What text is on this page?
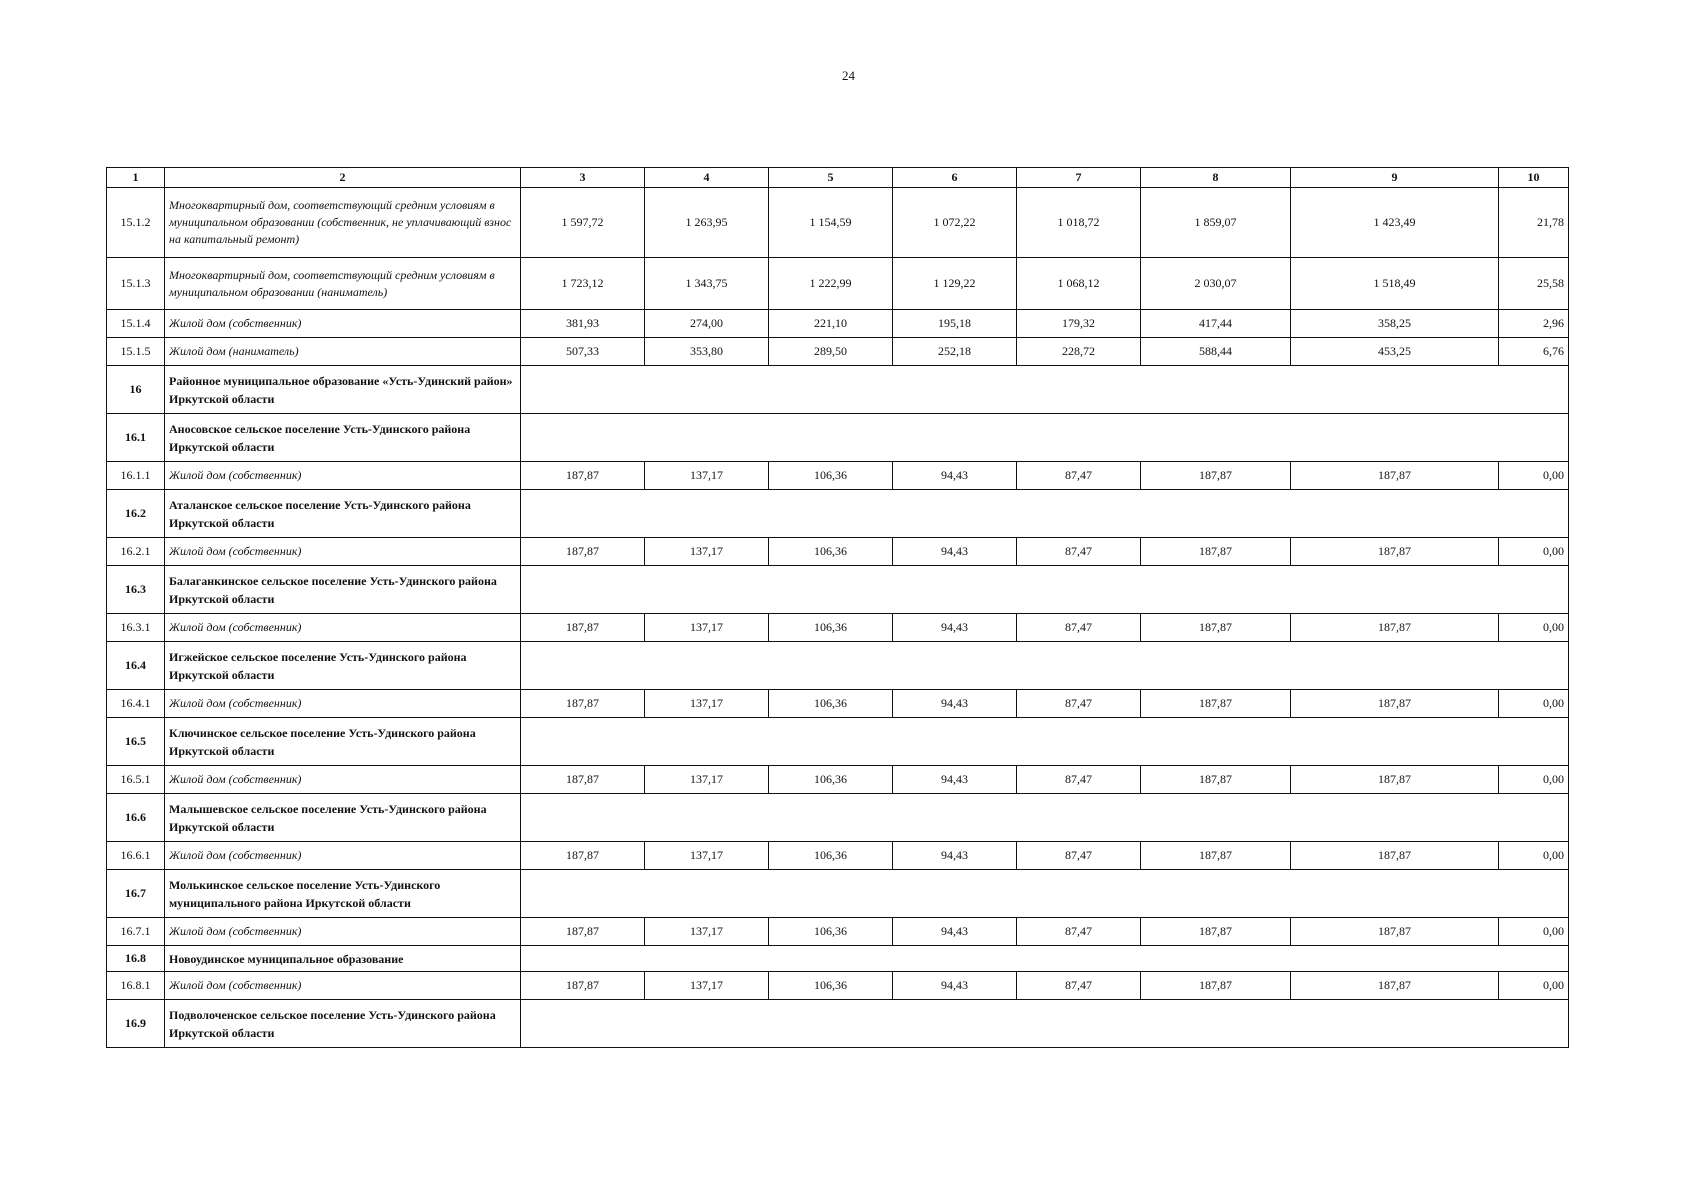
24
1	2	3	4	5	6	7	8	9	10
15.1.2	Многоквартирный дом, соответствующий средним условиям в муниципальном образовании (собственник, не уплачивающий взнос на капитальный ремонт)	1 597,72	1 263,95	1 154,59	1 072,22	1 018,72	1 859,07	1 423,49	21,78
15.1.3	Многоквартирный дом, соответствующий средним условиям в муниципальном образовании (наниматель)	1 723,12	1 343,75	1 222,99	1 129,22	1 068,12	2 030,07	1 518,49	25,58
15.1.4	Жилой дом (собственник)	381,93	274,00	221,10	195,18	179,32	417,44	358,25	2,96
15.1.5	Жилой дом (наниматель)	507,33	353,80	289,50	252,18	228,72	588,44	453,25	6,76
16	Районное муниципальное образование «Усть-Удинский район» Иркутской области								
16.1	Аносовское сельское поселение Усть-Удинского района Иркутской области								
16.1.1	Жилой дом (собственник)	187,87	137,17	106,36	94,43	87,47	187,87	187,87	0,00
16.2	Аталанское сельское поселение Усть-Удинского района Иркутской области								
16.2.1	Жилой дом (собственник)	187,87	137,17	106,36	94,43	87,47	187,87	187,87	0,00
16.3	Балаганкинское сельское поселение Усть-Удинского района Иркутской области								
16.3.1	Жилой дом (собственник)	187,87	137,17	106,36	94,43	87,47	187,87	187,87	0,00
16.4	Игжейское сельское поселение Усть-Удинского района Иркутской области								
16.4.1	Жилой дом (собственник)	187,87	137,17	106,36	94,43	87,47	187,87	187,87	0,00
16.5	Ключинское сельское поселение Усть-Удинского района Иркутской области								
16.5.1	Жилой дом (собственник)	187,87	137,17	106,36	94,43	87,47	187,87	187,87	0,00
16.6	Малышевское сельское поселение Усть-Удинского района Иркутской области								
16.6.1	Жилой дом (собственник)	187,87	137,17	106,36	94,43	87,47	187,87	187,87	0,00
16.7	Молькинское сельское поселение Усть-Удинского муниципального района Иркутской области								
16.7.1	Жилой дом (собственник)	187,87	137,17	106,36	94,43	87,47	187,87	187,87	0,00
16.8	Новоудинское муниципальное образование								
16.8.1	Жилой дом (собственник)	187,87	137,17	106,36	94,43	87,47	187,87	187,87	0,00
16.9	Подволоченское сельское поселение Усть-Удинского района Иркутской области								
